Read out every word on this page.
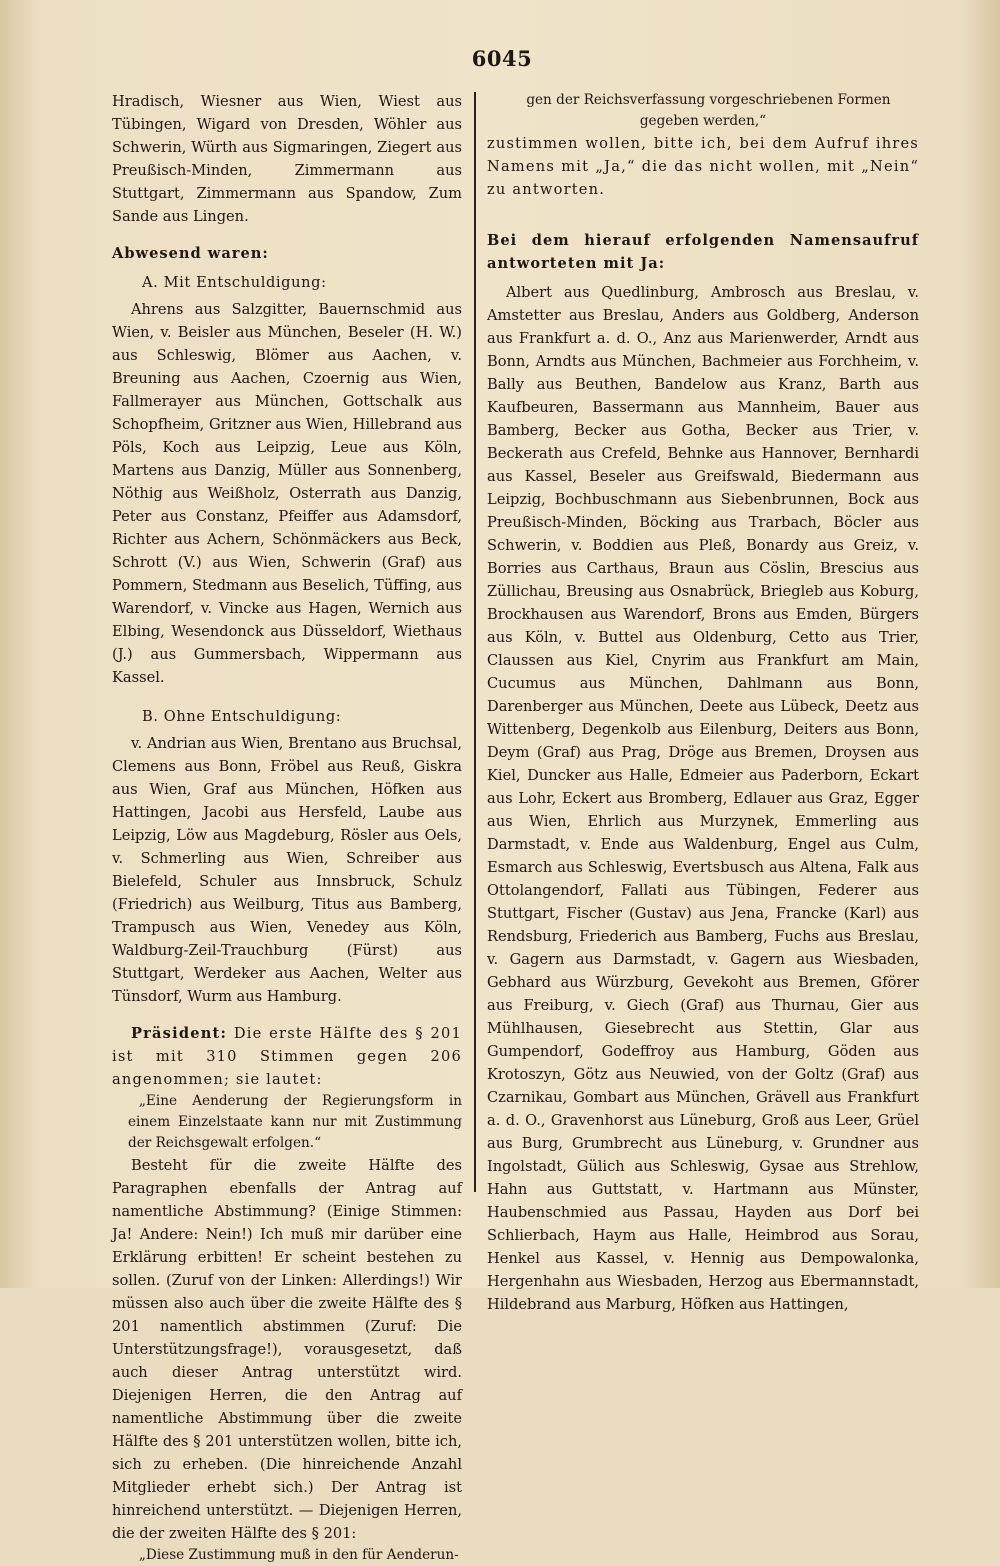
6045

Hradisch, Wiesner aus Wien, Wiest aus Tübingen, Wigard von Dresden, Wöhler aus Schwerin, Würth aus Sigmaringen, Ziegert aus Preußisch-Minden, Zimmermann aus Stuttgart, Zimmermann aus Spandow, Zum Sande aus Lingen.

Abwesend waren:

A. Mit Entschuldigung:

Ahrens aus Salzgitter, Bauernschmid aus Wien, v. Beisler aus München, Beseler (H. W.) aus Schleswig, Blömer aus Aachen, v. Breuning aus Aachen, Czoernig aus Wien, Fallmerayer aus München, Gottschalk aus Schopfheim, Gritzner aus Wien, Hillebrand aus Pöls, Koch aus Leipzig, Leue aus Köln, Martens aus Danzig, Müller aus Sonnenberg, Nöthig aus Weißholz, Osterrath aus Danzig, Peter aus Constanz, Pfeiffer aus Adamsdorf, Richter aus Achern, Schönmäckers aus Beck, Schrott (V.) aus Wien, Schwerin (Graf) aus Pommern, Stedmann aus Beselich, Tüffing, aus Warendorf, v. Vincke aus Hagen, Wernich aus Elbing, Wesendonck aus Düsseldorf, Wiethaus (J.) aus Gummersbach, Wippermann aus Kassel.

B. Ohne Entschuldigung:

v. Andrian aus Wien, Brentano aus Bruchsal, Clemens aus Bonn, Fröbel aus Reuß, Giskra aus Wien, Graf aus München, Höfken aus Hattingen, Jacobi aus Hersfeld, Laube aus Leipzig, Löw aus Magdeburg, Rösler aus Oels, v. Schmerling aus Wien, Schreiber aus Bielefeld, Schuler aus Innsbruck, Schulz (Friedrich) aus Weilburg, Titus aus Bamberg, Trampusch aus Wien, Venedey aus Köln, Waldburg-Zeil-Trauchburg (Fürst) aus Stuttgart, Werdeker aus Aachen, Welter aus Tünsdorf, Wurm aus Hamburg.

Präsident: Die erste Hälfte des § 201 ist mit 310 Stimmen gegen 206 angenommen; sie lautet:

„Eine Aenderung der Regierungsform in einem Einzelstaate kann nur mit Zustimmung der Reichsgewalt erfolgen.“

Besteht für die zweite Hälfte des Paragraphen ebenfalls der Antrag auf namentliche Abstimmung? (Einige Stimmen: Ja! Andere: Nein!) Ich muß mir darüber eine Erklärung erbitten! Er scheint bestehen zu sollen. (Zuruf von der Linken: Allerdings!) Wir müssen also auch über die zweite Hälfte des § 201 namentlich abstimmen (Zuruf: Die Unterstützungsfrage!), vorausgesetzt, daß auch dieser Antrag unterstützt wird. Diejenigen Herren, die den Antrag auf namentliche Abstimmung über die zweite Hälfte des § 201 unterstützen wollen, bitte ich, sich zu erheben. (Die hinreichende Anzahl Mitglieder erhebt sich.) Der Antrag ist hinreichend unterstützt. — Diejenigen Herren, die der zweiten Hälfte des § 201:

„Diese Zustimmung muß in den für Aenderun-

gen der Reichsverfassung vorgeschriebenen Formen gegeben werden,“

zustimmen wollen, bitte ich, bei dem Aufruf ihres Namens mit „Ja,“ die das nicht wollen, mit „Nein“ zu antworten.

Bei dem hierauf erfolgenden Namensaufruf antworteten mit Ja:

Albert aus Quedlinburg, Ambrosch aus Breslau, v. Amstetter aus Breslau, Anders aus Goldberg, Anderson aus Frankfurt a. d. O., Anz aus Marienwerder, Arndt aus Bonn, Arndts aus München, Bachmeier aus Forchheim, v. Bally aus Beuthen, Bandelow aus Kranz, Barth aus Kaufbeuren, Bassermann aus Mannheim, Bauer aus Bamberg, Becker aus Gotha, Becker aus Trier, v. Beckerath aus Crefeld, Behnke aus Hannover, Bernhardi aus Kassel, Beseler aus Greifswald, Biedermann aus Leipzig, Bochbuschmann aus Siebenbrunnen, Bock aus Preußisch-Minden, Böcking aus Trarbach, Böcler aus Schwerin, v. Boddien aus Pleß, Bonardy aus Greiz, v. Borries aus Carthaus, Braun aus Cöslin, Brescius aus Züllichau, Breusing aus Osnabrück, Briegleb aus Koburg, Brockhausen aus Warendorf, Brons aus Emden, Bürgers aus Köln, v. Buttel aus Oldenburg, Cetto aus Trier, Claussen aus Kiel, Cnyrim aus Frankfurt am Main, Cucumus aus München, Dahlmann aus Bonn, Darenberger aus München, Deete aus Lübeck, Deetz aus Wittenberg, Degenkolb aus Eilenburg, Deiters aus Bonn, Deym (Graf) aus Prag, Dröge aus Bremen, Droysen aus Kiel, Duncker aus Halle, Edmeier aus Paderborn, Eckart aus Lohr, Eckert aus Bromberg, Edlauer aus Graz, Egger aus Wien, Ehrlich aus Murzynek, Emmerling aus Darmstadt, v. Ende aus Waldenburg, Engel aus Culm, Esmarch aus Schleswig, Evertsbusch aus Altena, Falk aus Ottolangendorf, Fallati aus Tübingen, Federer aus Stuttgart, Fischer (Gustav) aus Jena, Francke (Karl) aus Rendsburg, Friederich aus Bamberg, Fuchs aus Breslau, v. Gagern aus Darmstadt, v. Gagern aus Wiesbaden, Gebhard aus Würzburg, Gevekoht aus Bremen, Gförer aus Freiburg, v. Giech (Graf) aus Thurnau, Gier aus Mühlhausen, Giesebrecht aus Stettin, Glar aus Gumpendorf, Godeffroy aus Hamburg, Göden aus Krotoszyn, Götz aus Neuwied, von der Goltz (Graf) aus Czarnikau, Gombart aus München, Grävell aus Frankfurt a. d. O., Gravenhorst aus Lüneburg, Groß aus Leer, Grüel aus Burg, Grumbrecht aus Lüneburg, v. Grundner aus Ingolstadt, Gülich aus Schleswig, Gysae aus Strehlow, Hahn aus Guttstatt, v. Hartmann aus Münster, Haubenschmied aus Passau, Hayden aus Dorf bei Schlierbach, Haym aus Halle, Heimbrod aus Sorau, Henkel aus Kassel, v. Hennig aus Dempowalonka, Hergenhahn aus Wiesbaden, Herzog aus Ebermannstadt, Hildebrand aus Marburg, Höfken aus Hattingen,
